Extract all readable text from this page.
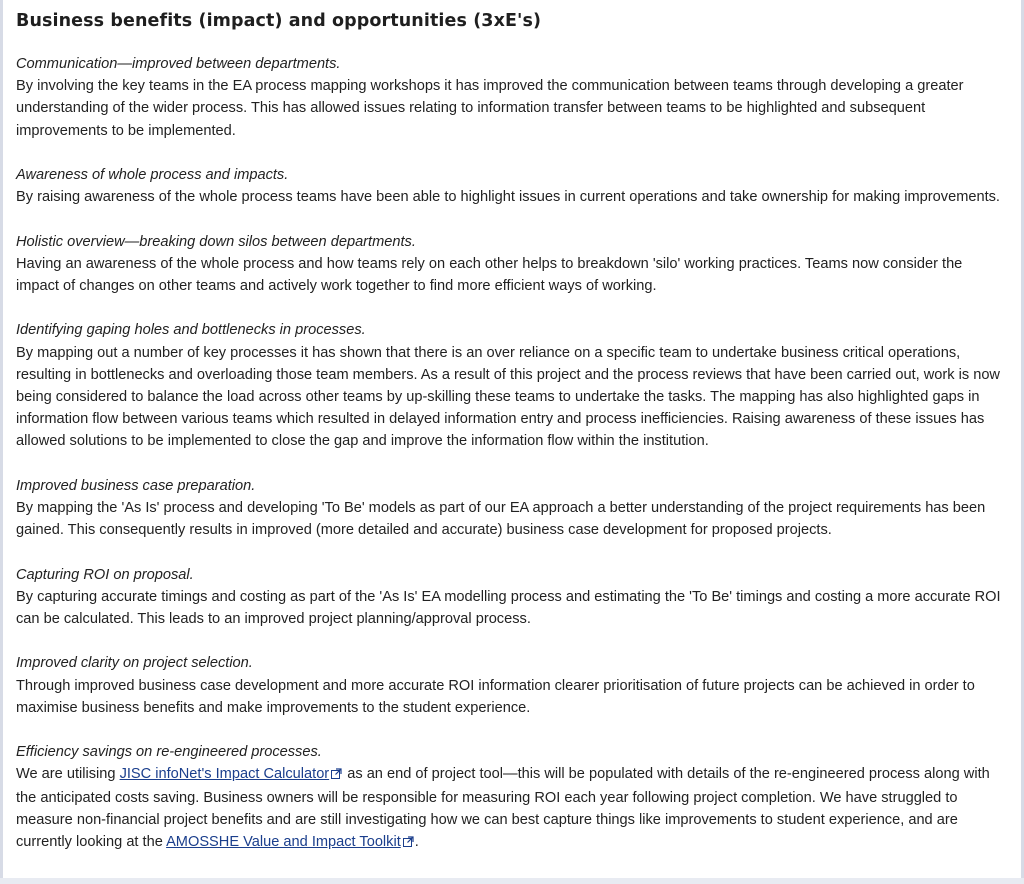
Business benefits (impact) and opportunities (3xE's)

Communication—improved between departments.
By involving the key teams in the EA process mapping workshops it has improved the communication between teams through developing a greater understanding of the wider process. This has allowed issues relating to information transfer between teams to be highlighted and subsequent improvements to be implemented.

Awareness of whole process and impacts.
By raising awareness of the whole process teams have been able to highlight issues in current operations and take ownership for making improvements.

Holistic overview—breaking down silos between departments.
Having an awareness of the whole process and how teams rely on each other helps to breakdown 'silo' working practices. Teams now consider the impact of changes on other teams and actively work together to find more efficient ways of working.

Identifying gaping holes and bottlenecks in processes.
By mapping out a number of key processes it has shown that there is an over reliance on a specific team to undertake business critical operations, resulting in bottlenecks and overloading those team members. As a result of this project and the process reviews that have been carried out, work is now being considered to balance the load across other teams by up-skilling these teams to undertake the tasks. The mapping has also highlighted gaps in information flow between various teams which resulted in delayed information entry and process inefficiencies. Raising awareness of these issues has allowed solutions to be implemented to close the gap and improve the information flow within the institution.

Improved business case preparation.
By mapping the 'As Is' process and developing 'To Be' models as part of our EA approach a better understanding of the project requirements has been gained. This consequently results in improved (more detailed and accurate) business case development for proposed projects.

Capturing ROI on proposal.
By capturing accurate timings and costing as part of the 'As Is' EA modelling process and estimating the 'To Be' timings and costing a more accurate ROI can be calculated. This leads to an improved project planning/approval process.

Improved clarity on project selection.
Through improved business case development and more accurate ROI information clearer prioritisation of future projects can be achieved in order to maximise business benefits and make improvements to the student experience.

Efficiency savings on re-engineered processes.
We are utilising JISC infoNet's Impact Calculator as an end of project tool—this will be populated with details of the re-engineered process along with the anticipated costs saving. Business owners will be responsible for measuring ROI each year following project completion. We have struggled to measure non-financial project benefits and are still investigating how we can best capture things like improvements to student experience, and are currently looking at the AMOSSHE Value and Impact Toolkit .
